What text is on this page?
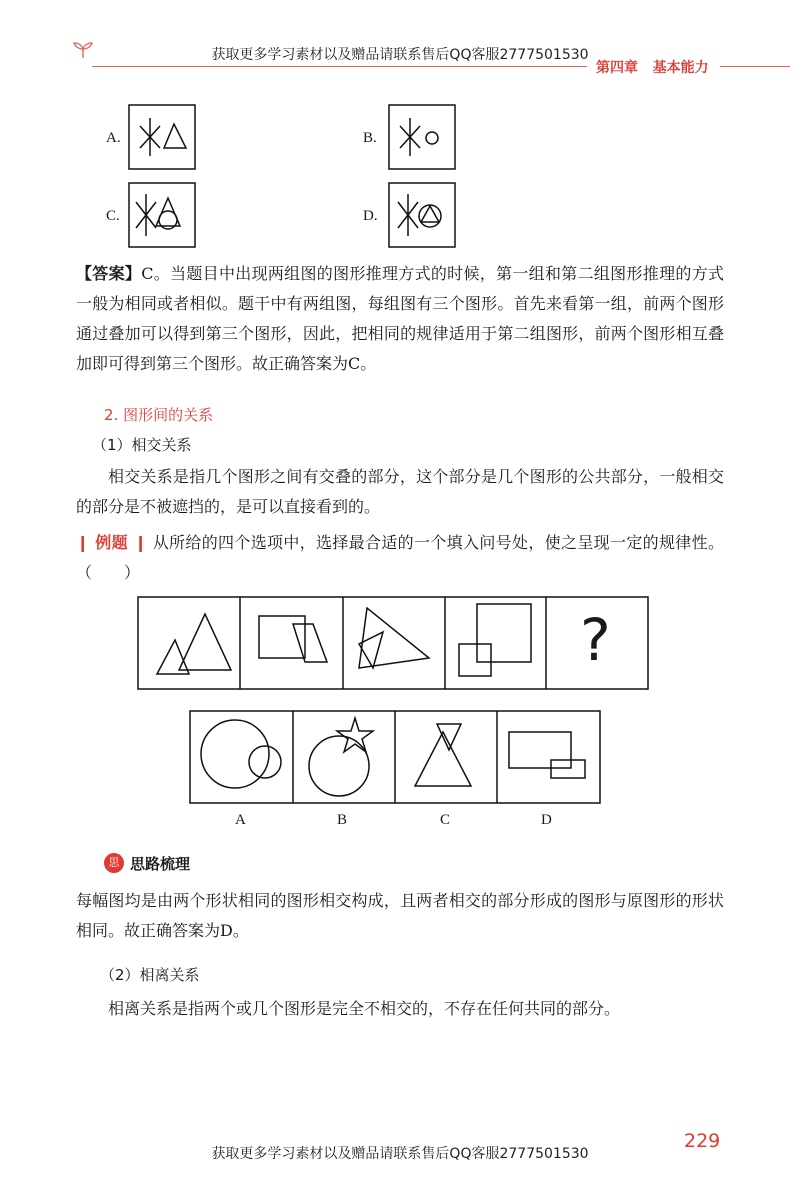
获取更多学习素材以及赠品请联系售后QQ客服2777501530
第四章 基本能力
A.	B.
C.	D.
【答案】C。当题目中出现两组图的图形推理方式的时候，第一组和第二组图形推理的方式一般为相同或者相似。题干中有两组图，每组图有三个图形。首先来看第一组，前两个图形通过叠加可以得到第三个图形，因此，把相同的规律适用于第二组图形，前两个图形相互叠加即可得到第三个图形。故正确答案为C。
2. 图形间的关系
（1）相交关系
相交关系是指几个图形之间有交叠的部分，这个部分是几个图形的公共部分，一般相交的部分是不被遮挡的，是可以直接看到的。
❙ 例题 ❙ 从所给的四个选项中，选择最合适的一个填入问号处，使之呈现一定的规律性。（　　）
?
A	B	C	D
思 思路梳理
每幅图均是由两个形状相同的图形相交构成，且两者相交的部分形成的图形与原图形的形状相同。故正确答案为D。
（2）相离关系
相离关系是指两个或几个图形是完全不相交的，不存在任何共同的部分。
获取更多学习素材以及赠品请联系售后QQ客服2777501530
229
